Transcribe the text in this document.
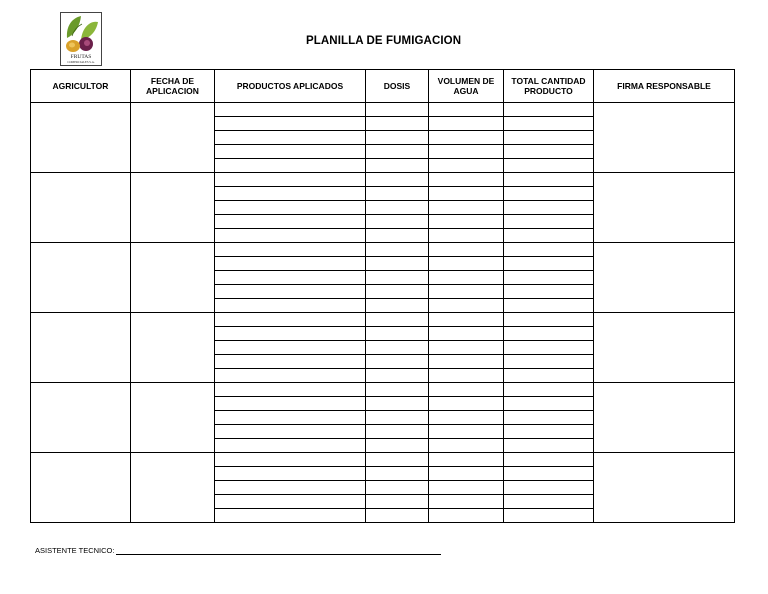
FRUTAS
COMERCIALES S.A.
PLANILLA DE FUMIGACION
AGRICULTOR	FECHA DE APLICACION	PRODUCTOS APLICADOS	DOSIS	VOLUMEN DE AGUA	TOTAL CANTIDAD PRODUCTO	FIRMA RESPONSABLE

ASISTENTE TECNICO:
